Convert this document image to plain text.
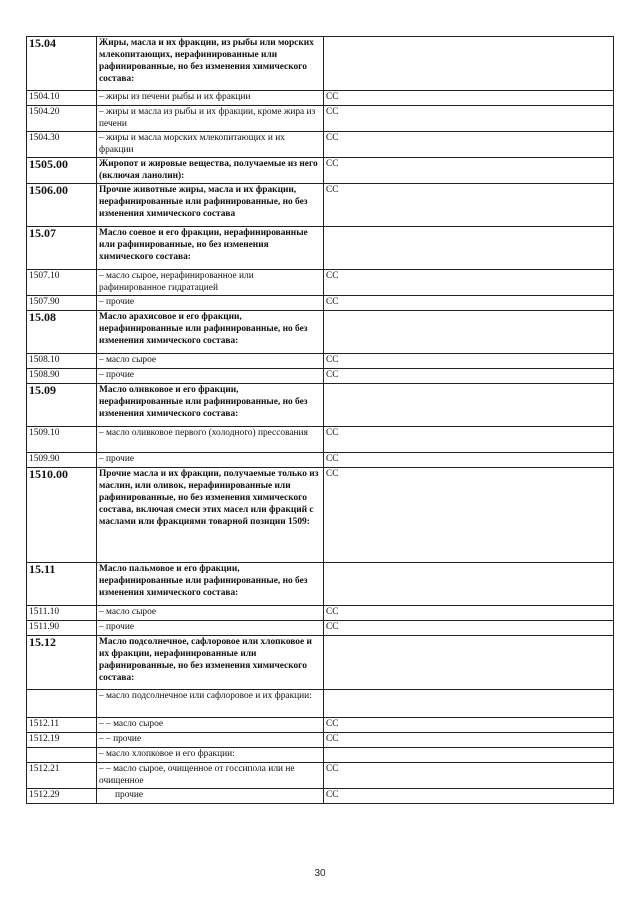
15.04	Жиры, масла и их фракции, из рыбы или морских млекопитающих, нерафинированные или рафинированные, но без изменения химического состава:	
1504.10	– жиры из печени рыбы и их фракции	СС
1504.20	– жиры и масла из рыбы и их фракции, кроме жира из печени	СС
1504.30	– жиры и масла морских млекопитающих и их фракции	СС
1505.00	Жиропот и жировые вещества, получаемые из него (включая ланолин):	СС
1506.00	Прочие животные жиры, масла и их фракции, нерафинированные или рафинированные, но без изменения химического состава	СС
15.07	Масло соевое и его фракции, нерафинированные или рафинированные, но без изменения химического состава:	
1507.10	– масло сырое, нерафинированное или рафинированное гидратацией	СС
1507.90	– прочие	СС
15.08	Масло арахисовое и его фракции, нерафинированные или рафинированные, но без изменения химического состава:	
1508.10	– масло сырое	СС
1508.90	– прочие	СС
15.09	Масло оливковое и его фракции, нерафинированные или рафинированные, но без изменения химического состава:	
1509.10	– масло оливковое первого (холодного) прессования	СС
1509.90	– прочие	СС
1510.00	Прочие масла и их фракции, получаемые только из маслин, или оливок, нерафинированные или рафинированные, но без изменения химического состава, включая смеси этих масел или фракций с маслами или фракциями товарной позиции 1509:	СС
15.11	Масло пальмовое и его фракции, нерафинированные или рафинированные, но без изменения химического состава:	
1511.10	– масло сырое	СС
1511.90	– прочие	СС
15.12	Масло подсолнечное, сафлоровое или хлопковое и их фракции, нерафинированные или рафинированные, но без изменения химического состава:	
	– масло подсолнечное или сафлоровое и их фракции:	
1512.11	– – масло сырое	СС
1512.19	– – прочие	СС
	– масло хлопковое и его фракции:	
1512.21	– – масло сырое, очищенное от госсипола или не очищенное	СС
1512.29	прочие	СС
30
